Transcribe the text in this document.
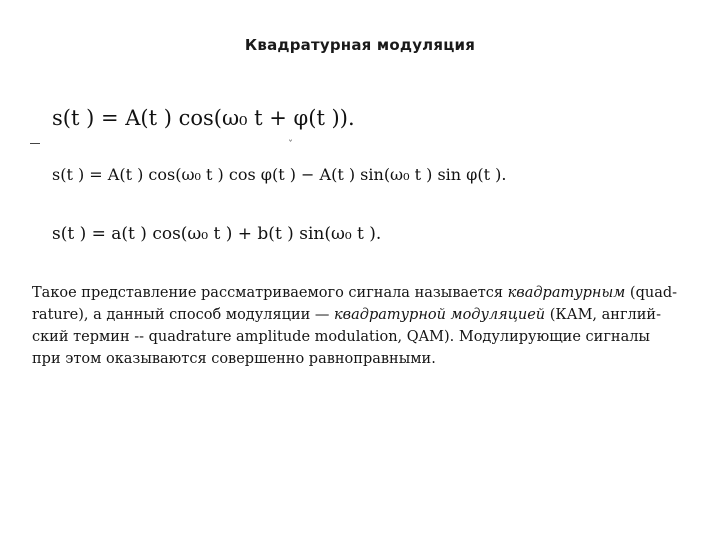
Квадратурная модуляция
s(t ) = A(t ) cos(ω₀ t + φ(t )).
ˇ
s(t ) = A(t ) cos(ω₀ t ) cos φ(t ) − A(t ) sin(ω₀ t ) sin φ(t ).
s(t ) = a(t ) cos(ω₀ t ) + b(t ) sin(ω₀ t ).

Такое представление рассматриваемого сигнала называется квадратурным (quad-
rature), а данный способ модуляции — квадратурной модуляцией (КАМ, англий-
ский термин -- quadrature amplitude modulation, QAM). Модулирующие сигналы
при этом оказываются совершенно равноправными.
